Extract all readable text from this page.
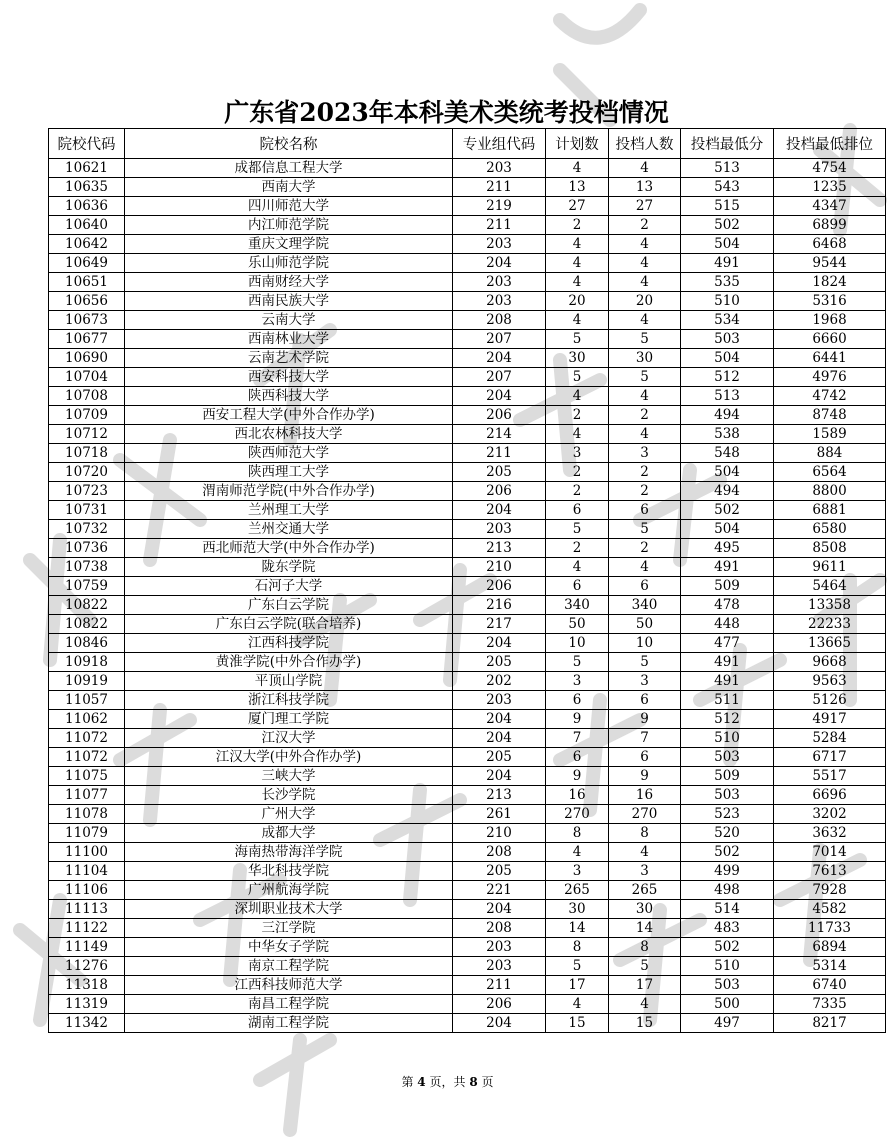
广东省2023年本科美术类统考投档情况
院校代码	院校名称	专业组代码	计划数	投档人数	投档最低分	投档最低排位
10621	成都信息工程大学	203	4	4	513	4754
10635	西南大学	211	13	13	543	1235
10636	四川师范大学	219	27	27	515	4347
10640	内江师范学院	211	2	2	502	6899
10642	重庆文理学院	203	4	4	504	6468
10649	乐山师范学院	204	4	4	491	9544
10651	西南财经大学	203	4	4	535	1824
10656	西南民族大学	203	20	20	510	5316
10673	云南大学	208	4	4	534	1968
10677	西南林业大学	207	5	5	503	6660
10690	云南艺术学院	204	30	30	504	6441
10704	西安科技大学	207	5	5	512	4976
10708	陕西科技大学	204	4	4	513	4742
10709	西安工程大学(中外合作办学)	206	2	2	494	8748
10712	西北农林科技大学	214	4	4	538	1589
10718	陕西师范大学	211	3	3	548	884
10720	陕西理工大学	205	2	2	504	6564
10723	渭南师范学院(中外合作办学)	206	2	2	494	8800
10731	兰州理工大学	204	6	6	502	6881
10732	兰州交通大学	203	5	5	504	6580
10736	西北师范大学(中外合作办学)	213	2	2	495	8508
10738	陇东学院	210	4	4	491	9611
10759	石河子大学	206	6	6	509	5464
10822	广东白云学院	216	340	340	478	13358
10822	广东白云学院(联合培养)	217	50	50	448	22233
10846	江西科技学院	204	10	10	477	13665
10918	黄淮学院(中外合作办学)	205	5	5	491	9668
10919	平顶山学院	202	3	3	491	9563
11057	浙江科技学院	203	6	6	511	5126
11062	厦门理工学院	204	9	9	512	4917
11072	江汉大学	204	7	7	510	5284
11072	江汉大学(中外合作办学)	205	6	6	503	6717
11075	三峡大学	204	9	9	509	5517
11077	长沙学院	213	16	16	503	6696
11078	广州大学	261	270	270	523	3202
11079	成都大学	210	8	8	520	3632
11100	海南热带海洋学院	208	4	4	502	7014
11104	华北科技学院	205	3	3	499	7613
11106	广州航海学院	221	265	265	498	7928
11113	深圳职业技术大学	204	30	30	514	4582
11122	三江学院	208	14	14	483	11733
11149	中华女子学院	203	8	8	502	6894
11276	南京工程学院	203	5	5	510	5314
11318	江西科技师范大学	211	17	17	503	6740
11319	南昌工程学院	206	4	4	500	7335
11342	湖南工程学院	204	15	15	497	8217
第 4 页，共 8 页
